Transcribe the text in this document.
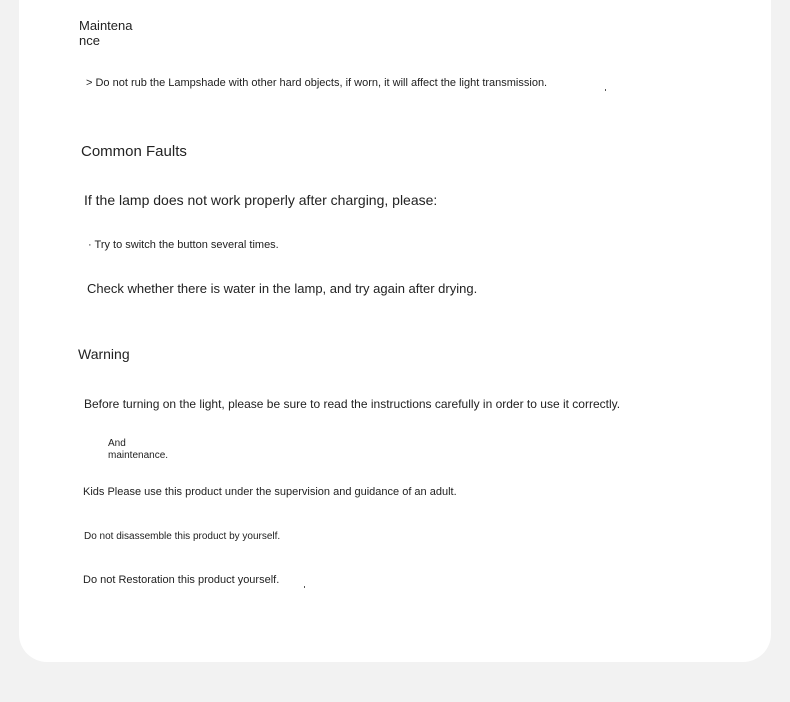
Maintenance

> Do not rub the Lampshade with other hard objects, if worn, it will affect the light transmission.

Common Faults

If the lamp does not work properly after charging, please:

· Try to switch the button several times.

Check whether there is water in the lamp, and try again after drying.

Warning

Before turning on the light, please be sure to read the instructions carefully in order to use it correctly.

And maintenance.

Kids Please use this product under the supervision and guidance of an adult.

Do not disassemble this product by yourself.

Do not Restoration this product yourself.
